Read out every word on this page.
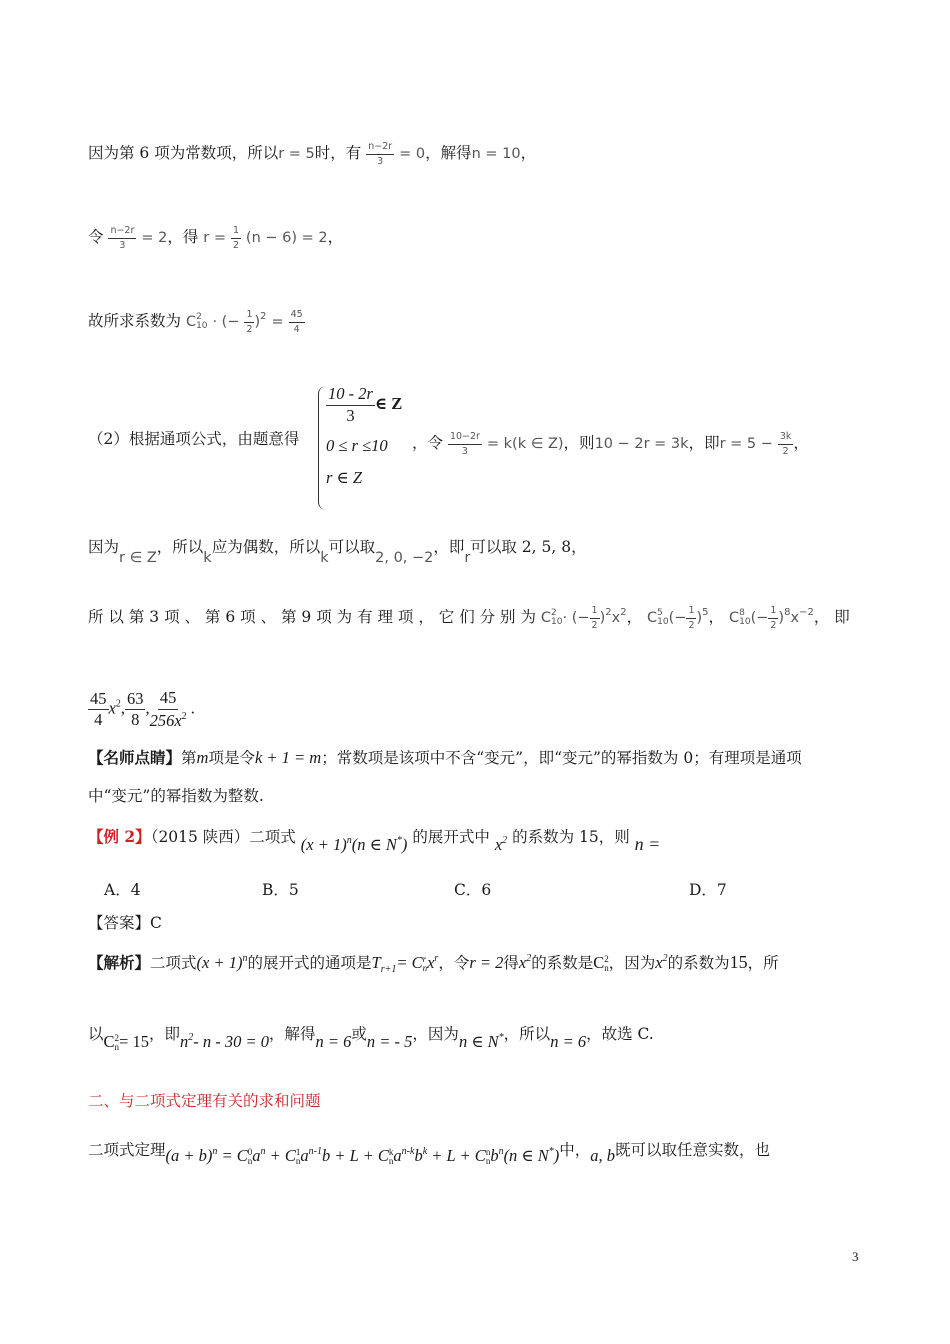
因为第 6 项为常数项，所以r = 5时，有 $\frac{n-2r}{3} = 0$，解得n = 10，
令 $\frac{n-2r}{3} = 2$，得 $r = \frac{1}{2} (n - 6) = 2$，
故所求系数为 C 2
10 · (− $\frac{1}{2} )^2 = \frac{45}{4}$
（2）根据通项公式，由题意得
$\frac{10 - 2r}{3}$ ∈ Z
0 ≤ r ≤10
r ∈ Z
，令 $\frac{10-2r}{3} = k(k$ ∈ Z)，则10 − 2r = 3k，即$r = 5 - \frac{3k}{2}$ ，
因为r ∈ Z，所以k应为偶数，所以k可以取2, 0, −2，即r可以取 2, 5, 8，
所 以 第 3 项 、 第 6 项 、 第 9 项 为 有 理 项 ， 它 们 分 别 为 C 2
10 · (− $\frac{1}{2} )^2x^2$， C 5
10 (− $\frac{1}{2} )^5$， C 8
10 (− $\frac{1}{2} )^8x^{-2}$， 即
$\frac{45}{4} x^2$, $\frac{63}{8}$ , $\frac{45}{256x^2}$ .
【名师点睛】第m项是令k + 1 = m；常数项是该项中不含“变元”，即“变元”的幂指数为 0；有理项是通项
中“变元”的幂指数为整数.
【例 2】（2015 陕西）二项式 $(x + 1)^n(n$ ∈ N*) 的展开式中 $x^2$ 的系数为 15，则 n =
A．4	B．5	C．6	D．7
【答案】C
【解析】二项式$(x + 1)^n$的展开式的通项是$T_{r+1}= C$ r
n $x^r$，令r = 2得$x^2$的系数是C 2
n ，因为$x^2$的系数为15，所
以C 2
n = 15，即$n^2-$ n - 30 = 0，解得n = 6或n = - 5，因为n ∈ N*，所以n = 6，故选 C.
二、与二项式定理有关的求和问题
二项式定理$(a + b)^n = C$ 0
n $a^n + C$ 1
n $a^{n-1}b + L + C$ k
n $a^{n-k}b^k + L + C$ n
n $b^n(n$ ∈ N*)中，a, b既可以取任意实数，也
3
